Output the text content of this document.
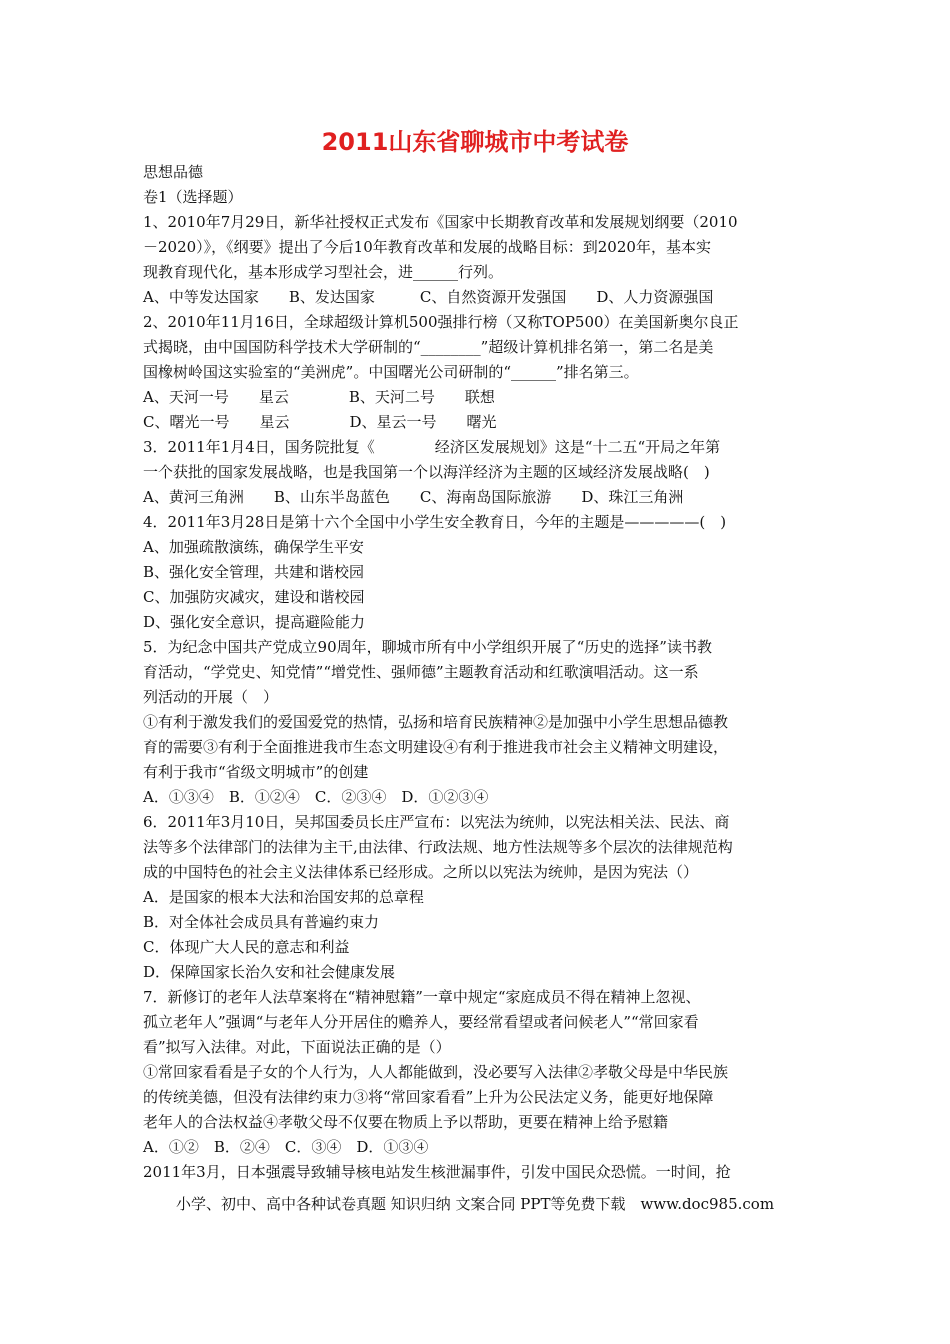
2011山东省聊城市中考试卷
思想品德
卷1（选择题）
1、2010年7月29日，新华社授权正式发布《国家中长期教育改革和发展规划纲要（2010
－2020）》，《纲要》提出了今后10年教育改革和发展的战略目标：到2020年，基本实
现教育现代化，基本形成学习型社会，进______行列。
A、中等发达国家　　B、发达国家　　　C、自然资源开发强国　　D、人力资源强国
2、2010年11月16日，全球超级计算机500强排行榜（又称TOP500）在美国新奥尔良正
式揭晓，由中国国防科学技术大学研制的“________”超级计算机排名第一，第二名是美
国橡树岭国这实验室的“美洲虎”。中国曙光公司研制的“______”排名第三。
A、天河一号　　星云　　　　B、天河二号　　联想
C、曙光一号　　星云　　　　D、星云一号　　曙光
3．2011年1月4日，国务院批复《　　　　经济区发展规划》这是“十二五“开局之年第
一个获批的国家发展战略，也是我国第一个以海洋经济为主题的区域经济发展战略(　)
A、黄河三角洲　　B、山东半岛蓝色　　C、海南岛国际旅游　　D、珠江三角洲
4．2011年3月28日是第十六个全国中小学生安全教育日，今年的主题是—————(　)
A、加强疏散演练，确保学生平安
B、强化安全管理，共建和谐校园
C、加强防灾减灾，建设和谐校园
D、强化安全意识，提高避险能力
5．为纪念中国共产党成立90周年，聊城市所有中小学组织开展了“历史的选择”读书教
育活动，“学党史、知党情”“增党性、强师德”主题教育活动和红歌演唱活动。这一系
列活动的开展（　）
①有利于激发我们的爱国爱党的热情，弘扬和培育民族精神②是加强中小学生思想品德教
育的需要③有利于全面推进我市生态文明建设④有利于推进我市社会主义精神文明建设，
有利于我市“省级文明城市”的创建
A．①③④　B．①②④　C．②③④　D．①②③④
6．2011年3月10日，吴邦国委员长庄严宣布：以宪法为统帅，以宪法相关法、民法、商
法等多个法律部门的法律为主干,由法律、行政法规、地方性法规等多个层次的法律规范构
成的中国特色的社会主义法律体系已经形成。之所以以宪法为统帅，是因为宪法（）
A．是国家的根本大法和治国安邦的总章程
B．对全体社会成员具有普遍约束力
C．体现广大人民的意志和利益
D．保障国家长治久安和社会健康发展
7．新修订的老年人法草案将在“精神慰籍”一章中规定“家庭成员不得在精神上忽视、
孤立老年人”强调“与老年人分开居住的赡养人，要经常看望或者问候老人”“常回家看
看”拟写入法律。对此，下面说法正确的是（）
①常回家看看是子女的个人行为，人人都能做到，没必要写入法律②孝敬父母是中华民族
的传统美德，但没有法律约束力③将“常回家看看”上升为公民法定义务，能更好地保障
老年人的合法权益④孝敬父母不仅要在物质上予以帮助，更要在精神上给予慰籍
A．①②　B．②④　C．③④　D．①③④
2011年3月，日本强震导致辅导核电站发生核泄漏事件，引发中国民众恐慌。一时间，抢
小学、初中、高中各种试卷真题 知识归纳 文案合同 PPT等免费下载　www.doc985.com
